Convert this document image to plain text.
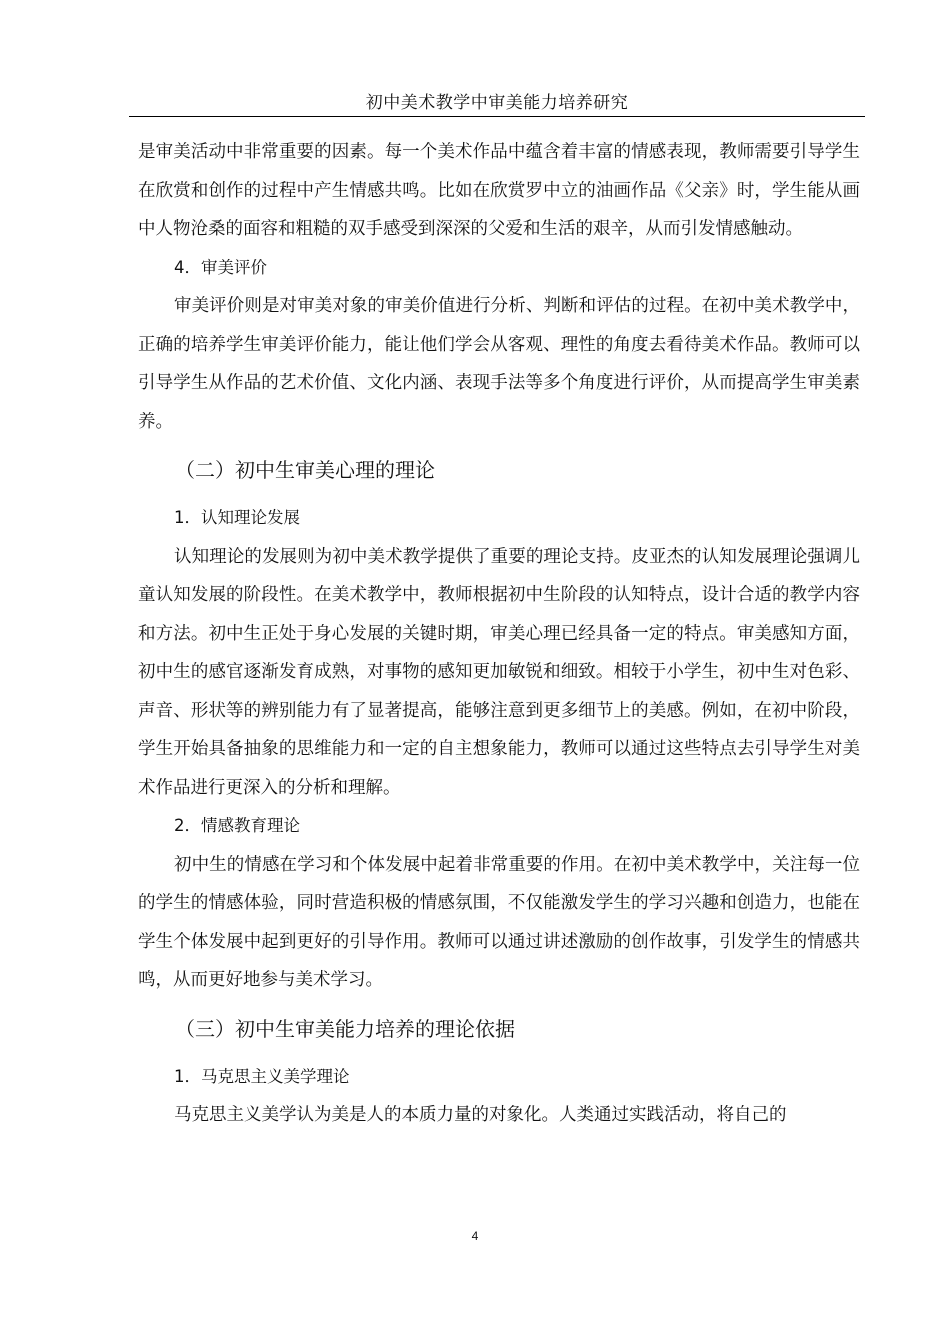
初中美术教学中审美能力培养研究

是审美活动中非常重要的因素。每一个美术作品中蕴含着丰富的情感表现，教师需要引导学生在欣赏和创作的过程中产生情感共鸣。比如在欣赏罗中立的油画作品《父亲》时，学生能从画中人物沧桑的面容和粗糙的双手感受到深深的父爱和生活的艰辛，从而引发情感触动。

4．审美评价

审美评价则是对审美对象的审美价值进行分析、判断和评估的过程。在初中美术教学中，正确的培养学生审美评价能力，能让他们学会从客观、理性的角度去看待美术作品。教师可以引导学生从作品的艺术价值、文化内涵、表现手法等多个角度进行评价，从而提高学生审美素养。

（二）初中生审美心理的理论

1．认知理论发展

认知理论的发展则为初中美术教学提供了重要的理论支持。皮亚杰的认知发展理论强调儿童认知发展的阶段性。在美术教学中，教师根据初中生阶段的认知特点，设计合适的教学内容和方法。初中生正处于身心发展的关键时期，审美心理已经具备一定的特点。审美感知方面，初中生的感官逐渐发育成熟，对事物的感知更加敏锐和细致。相较于小学生，初中生对色彩、声音、形状等的辨别能力有了显著提高，能够注意到更多细节上的美感。例如，在初中阶段，学生开始具备抽象的思维能力和一定的自主想象能力，教师可以通过这些特点去引导学生对美术作品进行更深入的分析和理解。

2．情感教育理论

初中生的情感在学习和个体发展中起着非常重要的作用。在初中美术教学中，关注每一位的学生的情感体验，同时营造积极的情感氛围，不仅能激发学生的学习兴趣和创造力，也能在学生个体发展中起到更好的引导作用。教师可以通过讲述激励的创作故事，引发学生的情感共鸣，从而更好地参与美术学习。

（三）初中生审美能力培养的理论依据

1．马克思主义美学理论

马克思主义美学认为美是人的本质力量的对象化。人类通过实践活动，将自己的

4
